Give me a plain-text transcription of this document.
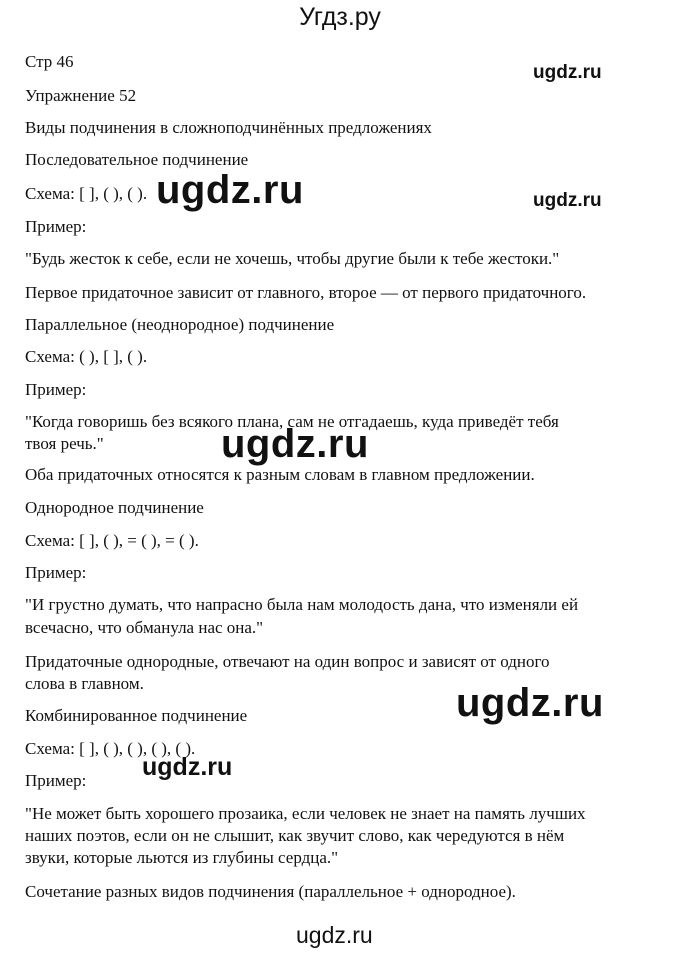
Угдз.ру
Стр 46
Упражнение 52
Виды подчинения в сложноподчинённых предложениях
Последовательное подчинение
Схема: [ ], ( ), ( ).
Пример:
"Будь жесток к себе, если не хочешь, чтобы другие были к тебе жестоки."
Первое придаточное зависит от главного, второе — от первого придаточного.
Параллельное (неоднородное) подчинение
Схема: ( ), [ ], ( ).
Пример:
"Когда говоришь без всякого плана, сам не отгадаешь, куда приведёт тебя
твоя речь."
Оба придаточных относятся к разным словам в главном предложении.
Однородное подчинение
Схема: [ ], ( ), = ( ), = ( ).
Пример:
"И грустно думать, что напрасно была нам молодость дана, что изменяли ей
всечасно, что обманула нас она."
Придаточные однородные, отвечают на один вопрос и зависят от одного
слова в главном.
Комбинированное подчинение
Схема: [ ], ( ), ( ), ( ), ( ).
Пример:
"Не может быть хорошего прозаика, если человек не знает на память лучших
наших поэтов, если он не слышит, как звучит слово, как чередуются в нём
звуки, которые льются из глубины сердца."
Сочетание разных видов подчинения (параллельное + однородное).
ugdz.ru
ugdz.ru	ugdz.ru
ugdz.ru
ugdz.ru
ugdz.ru
ugdz.ru
